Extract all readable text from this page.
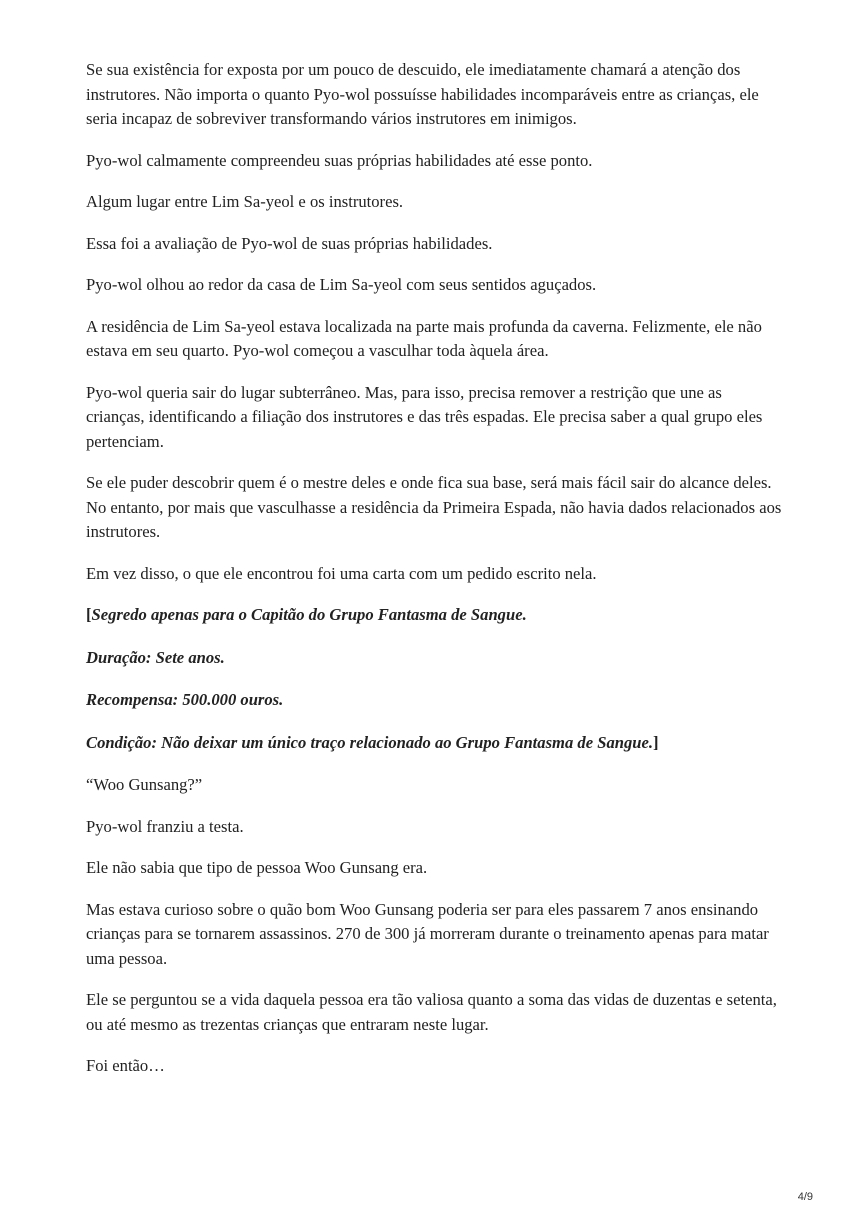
Se sua existência for exposta por um pouco de descuido, ele imediatamente chamará a atenção dos instrutores. Não importa o quanto Pyo-wol possuísse habilidades incomparáveis entre as crianças, ele seria incapaz de sobreviver transformando vários instrutores em inimigos.

Pyo-wol calmamente compreendeu suas próprias habilidades até esse ponto.

Algum lugar entre Lim Sa-yeol e os instrutores.

Essa foi a avaliação de Pyo-wol de suas próprias habilidades.

Pyo-wol olhou ao redor da casa de Lim Sa-yeol com seus sentidos aguçados.

A residência de Lim Sa-yeol estava localizada na parte mais profunda da caverna. Felizmente, ele não estava em seu quarto. Pyo-wol começou a vasculhar toda àquela área.

Pyo-wol queria sair do lugar subterrâneo. Mas, para isso, precisa remover a restrição que une as crianças, identificando a filiação dos instrutores e das três espadas. Ele precisa saber a qual grupo eles pertenciam.

Se ele puder descobrir quem é o mestre deles e onde fica sua base, será mais fácil sair do alcance deles. No entanto, por mais que vasculhasse a residência da Primeira Espada, não havia dados relacionados aos instrutores.

Em vez disso, o que ele encontrou foi uma carta com um pedido escrito nela.

[Segredo apenas para o Capitão do Grupo Fantasma de Sangue.

Duração: Sete anos.

Recompensa: 500.000 ouros.

Condição: Não deixar um único traço relacionado ao Grupo Fantasma de Sangue.]

“Woo Gunsang?”

Pyo-wol franziu a testa.

Ele não sabia que tipo de pessoa Woo Gunsang era.

Mas estava curioso sobre o quão bom Woo Gunsang poderia ser para eles passarem 7 anos ensinando crianças para se tornarem assassinos. 270 de 300 já morreram durante o treinamento apenas para matar uma pessoa.

Ele se perguntou se a vida daquela pessoa era tão valiosa quanto a soma das vidas de duzentas e setenta, ou até mesmo as trezentas crianças que entraram neste lugar.

Foi então…

4/9
